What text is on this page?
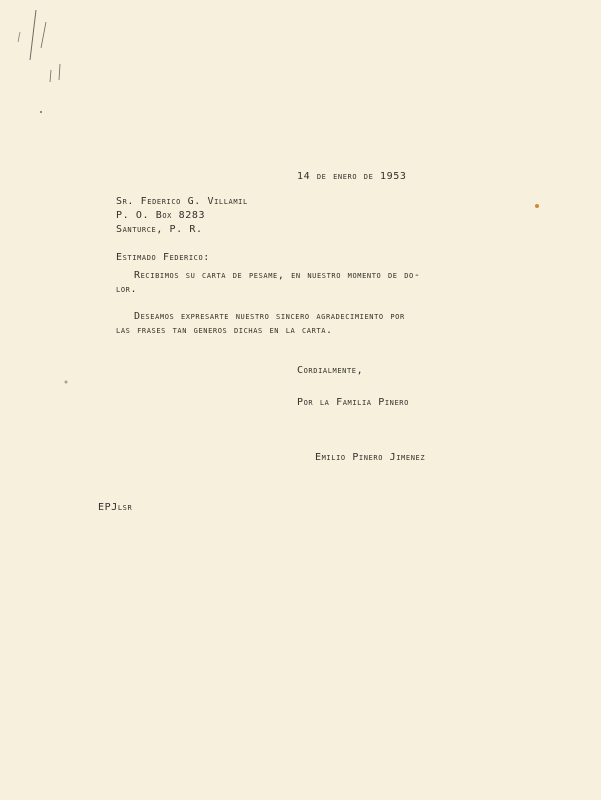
14 de enero de 1953
Sr. Federico G. Villamil
P. O. Box 8283
Santurce, P. R.
Estimado Federico:
Recibimos su carta de pesame, en nuestro momento de do-
lor.
Deseamos expresarte nuestro sincero agradecimiento por
las frases tan generos dichas en la carta.
Cordialmente,
Por la Familia Pinero
Emilio Pinero Jimenez
EPJlsr
